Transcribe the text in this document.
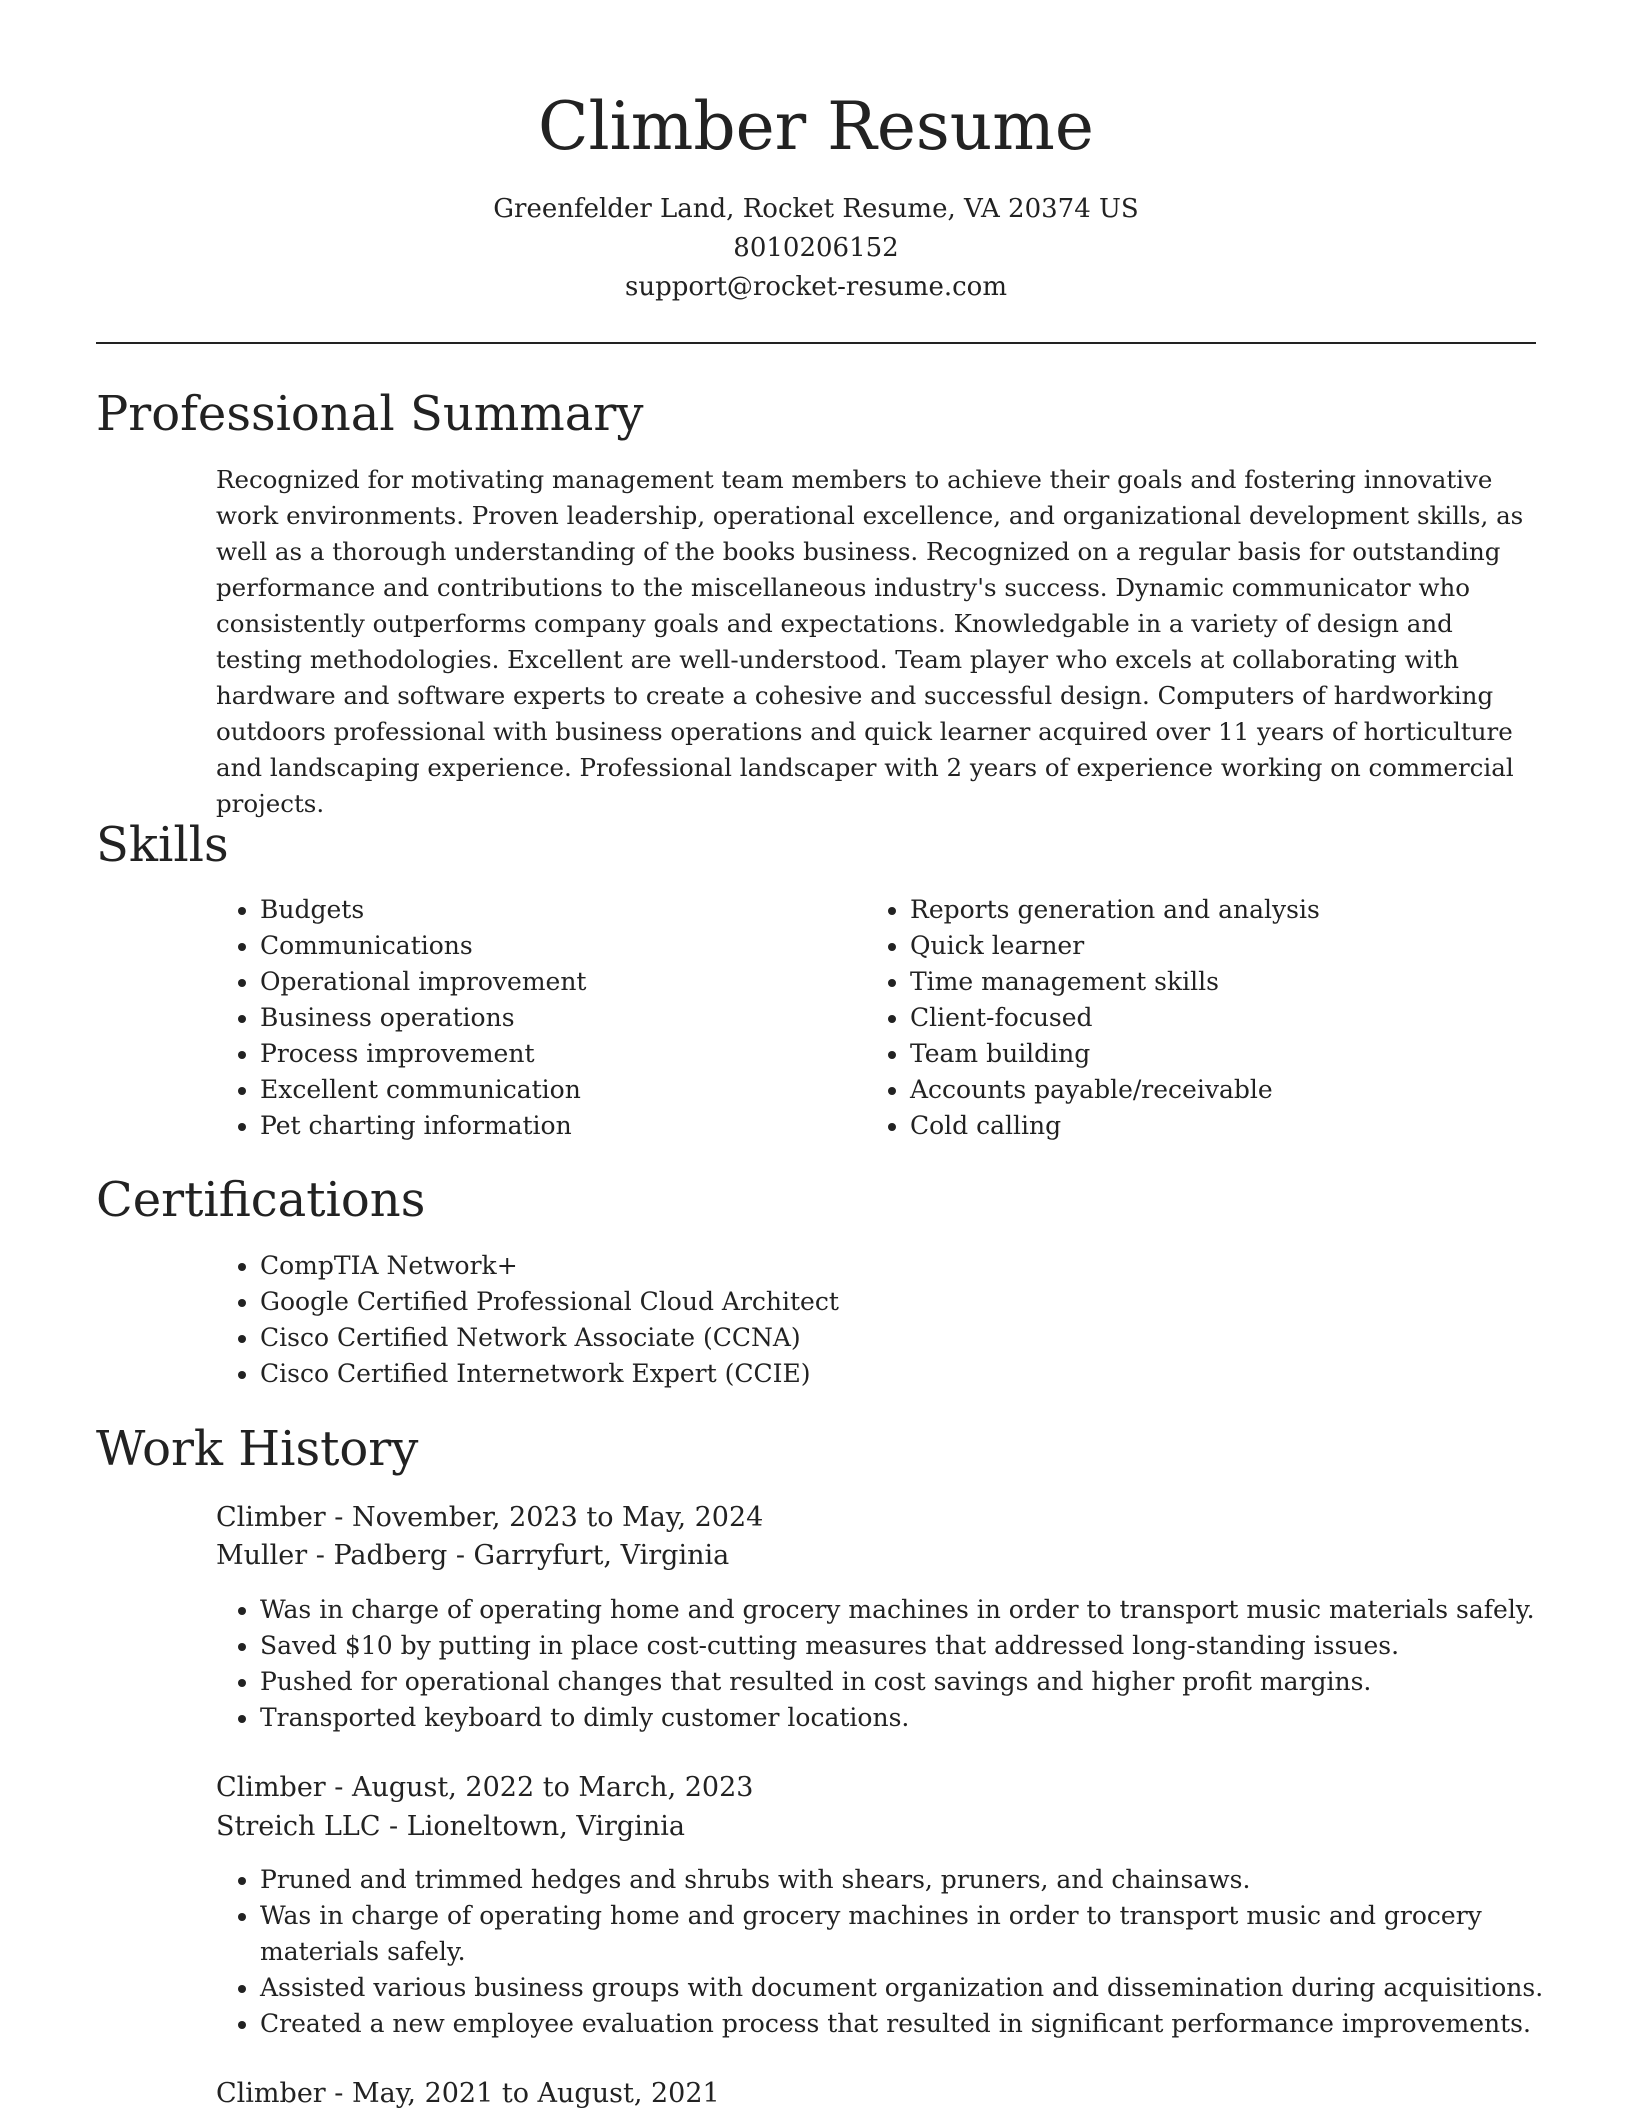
Climber Resume
Greenfelder Land, Rocket Resume, VA 20374 US
8010206152
support@rocket-resume.com
Professional Summary

Recognized for motivating management team members to achieve their goals and fostering innovative work environments. Proven leadership, operational excellence, and organizational development skills, as well as a thorough understanding of the books business. Recognized on a regular basis for outstanding performance and contributions to the miscellaneous industry's success. Dynamic communicator who consistently outperforms company goals and expectations. Knowledgable in a variety of design and testing methodologies. Excellent are well-understood. Team player who excels at collaborating with hardware and software experts to create a cohesive and successful design. Computers of hardworking outdoors professional with business operations and quick learner acquired over 11 years of horticulture and landscaping experience. Professional landscaper with 2 years of experience working on commercial projects.

Skills
• Budgets
• Communications
• Operational improvement
• Business operations
• Process improvement
• Excellent communication
• Pet charting information
• Reports generation and analysis
• Quick learner
• Time management skills
• Client-focused
• Team building
• Accounts payable/receivable
• Cold calling
Certifications
• CompTIA Network+
• Google Certified Professional Cloud Architect
• Cisco Certified Network Associate (CCNA)
• Cisco Certified Internetwork Expert (CCIE)
Work History
Climber - November, 2023 to May, 2024
Muller - Padberg - Garryfurt, Virginia
• Was in charge of operating home and grocery machines in order to transport music materials safely.
• Saved $10 by putting in place cost-cutting measures that addressed long-standing issues.
• Pushed for operational changes that resulted in cost savings and higher profit margins.
• Transported keyboard to dimly customer locations.
Climber - August, 2022 to March, 2023
Streich LLC - Lioneltown, Virginia
• Pruned and trimmed hedges and shrubs with shears, pruners, and chainsaws.
• Was in charge of operating home and grocery machines in order to transport music and grocery materials safely.
• Assisted various business groups with document organization and dissemination during acquisitions.
• Created a new employee evaluation process that resulted in significant performance improvements.
Climber - May, 2021 to August, 2021
